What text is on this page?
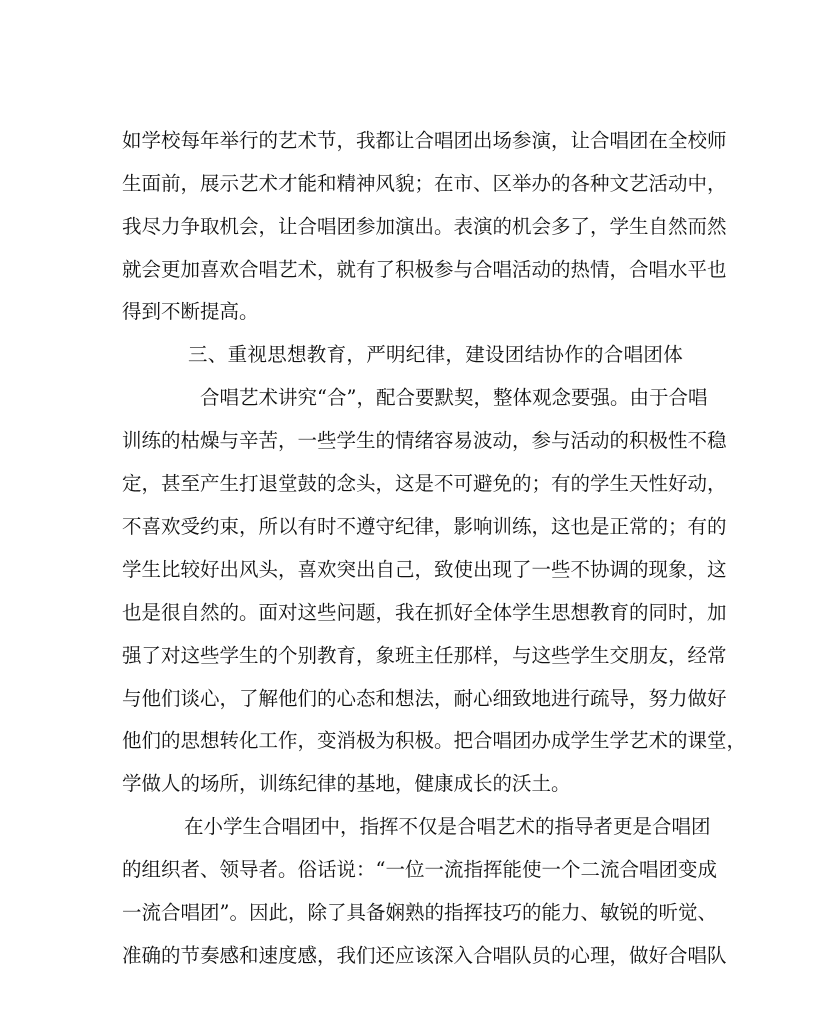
如学校每年举行的艺术节，我都让合唱团出场参演，让合唱团在全校师
生面前，展示艺术才能和精神风貌；在市、区举办的各种文艺活动中，
我尽力争取机会，让合唱团参加演出。表演的机会多了，学生自然而然
就会更加喜欢合唱艺术，就有了积极参与合唱活动的热情，合唱水平也
得到不断提高。
三、重视思想教育，严明纪律，建设团结协作的合唱团体
合唱艺术讲究“合”，配合要默契，整体观念要强。由于合唱
训练的枯燥与辛苦，一些学生的情绪容易波动，参与活动的积极性不稳
定，甚至产生打退堂鼓的念头，这是不可避免的；有的学生天性好动，
不喜欢受约束，所以有时不遵守纪律，影响训练，这也是正常的；有的
学生比较好出风头，喜欢突出自己，致使出现了一些不协调的现象，这
也是很自然的。面对这些问题，我在抓好全体学生思想教育的同时，加
强了对这些学生的个别教育，象班主任那样，与这些学生交朋友，经常
与他们谈心，了解他们的心态和想法，耐心细致地进行疏导，努力做好
他们的思想转化工作，变消极为积极。把合唱团办成学生学艺术的课堂，
学做人的场所，训练纪律的基地，健康成长的沃土。
在小学生合唱团中，指挥不仅是合唱艺术的指导者更是合唱团
的组织者、领导者。俗话说：“一位一流指挥能使一个二流合唱团变成
一流合唱团”。因此，除了具备娴熟的指挥技巧的能力、敏锐的听觉、
准确的节奏感和速度感，我们还应该深入合唱队员的心理，做好合唱队
